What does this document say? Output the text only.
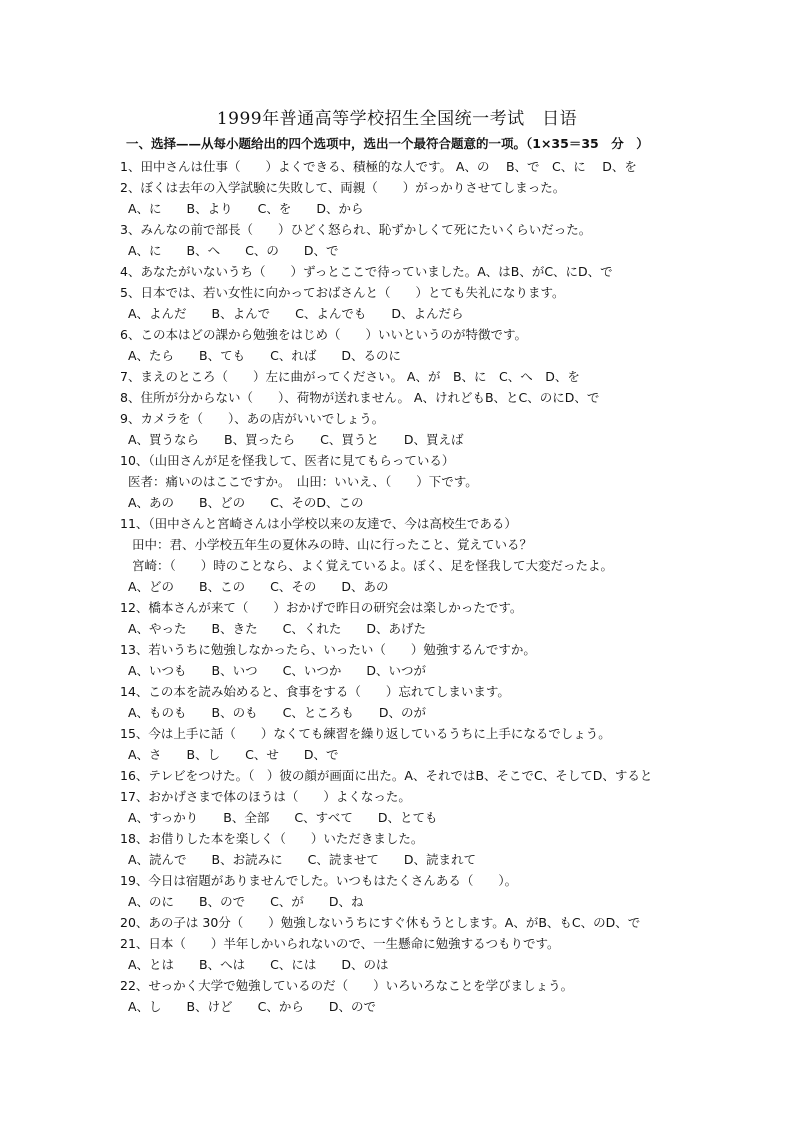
1999年普通高等学校招生全国统一考试　日语
一、选择——从每小题给出的四个选项中，选出一个最符合题意的一项。（1×35＝35　分　）
1、田中さんは仕事（　　）よくできる、積極的な人です。 A、の　 B、で　C、に　 D、を
2、ぼくは去年の入学試験に失敗して、両親（　　）がっかりさせてしまった。
A、に　　B、より　　C、を　　D、から
3、みんなの前で部長（　　）ひどく怒られ、恥ずかしくて死にたいくらいだった。
A、に　　B、へ　　C、の　　D、で
4、あなたがいないうち（　　）ずっとここで待っていました。A、はB、がC、にD、で
5、日本では、若い女性に向かっておばさんと（　　）とても失礼になります。
A、よんだ　　B、よんで　　C、よんでも　　D、よんだら
6、この本はどの課から勉強をはじめ（　　）いいというのが特徴です。
A、たら　　B、ても　　C、れば　　D、るのに
7、まえのところ（　　）左に曲がってください。 A、が　B、に　C、へ　D、を
8、住所が分からない（　　）、荷物が送れません。 A、けれどもB、とC、のにD、で
9、カメラを（　　）、あの店がいいでしょう。
A、買うなら　　B、買ったら　　C、買うと　　D、買えば
10、（山田さんが足を怪我して、医者に見てもらっている）
医者：痛いのはここですか。　山田：いいえ、（　　）下です。
A、あの　　B、どの　　C、そのD、この
11、（田中さんと宮崎さんは小学校以来の友達で、今は高校生である）
田中：君、小学校五年生の夏休みの時、山に行ったこと、覚えている？
宮崎：（　　）時のことなら、よく覚えているよ。ぼく、足を怪我して大変だったよ。
A、どの　　B、この　　C、その　　D、あの
12、橋本さんが来て（　　）おかげで昨日の研究会は楽しかったです。
A、やった　　B、きた　　C、くれた　　D、あげた
13、若いうちに勉強しなかったら、いったい（　　）勉強するんですか。
A、いつも　　B、いつ　　C、いつか　　D、いつが
14、この本を読み始めると、食事をする（　　）忘れてしまいます。
A、ものも　　B、のも　　C、ところも　　D、のが
15、今は上手に話（　　）なくても練習を繰り返しているうちに上手になるでしょう。
A、さ　　B、し　　C、せ　　D、で
16、テレビをつけた。（　）彼の顔が画面に出た。A、それではB、そこでC、そしてD、すると
17、おかげさまで体のほうは（　　）よくなった。
A、すっかり　　B、全部　　C、すべて　　D、とても
18、お借りした本を楽しく（　　）いただきました。
A、読んで　　B、お読みに　　C、読ませて　　D、読まれて
19、今日は宿題がありませんでした。いつもはたくさんある（　　）。
A、のに　　B、ので　　C、が　　D、ね
20、あの子は 30分（　　）勉強しないうちにすぐ休もうとします。A、がB、もC、のD、で
21、日本（　　）半年しかいられないので、一生懸命に勉強するつもりです。
A、とは　　B、へは　　C、には　　D、のは
22、せっかく大学で勉強しているのだ（　　）いろいろなことを学びましょう。
A、し　　B、けど　　C、から　　D、ので
